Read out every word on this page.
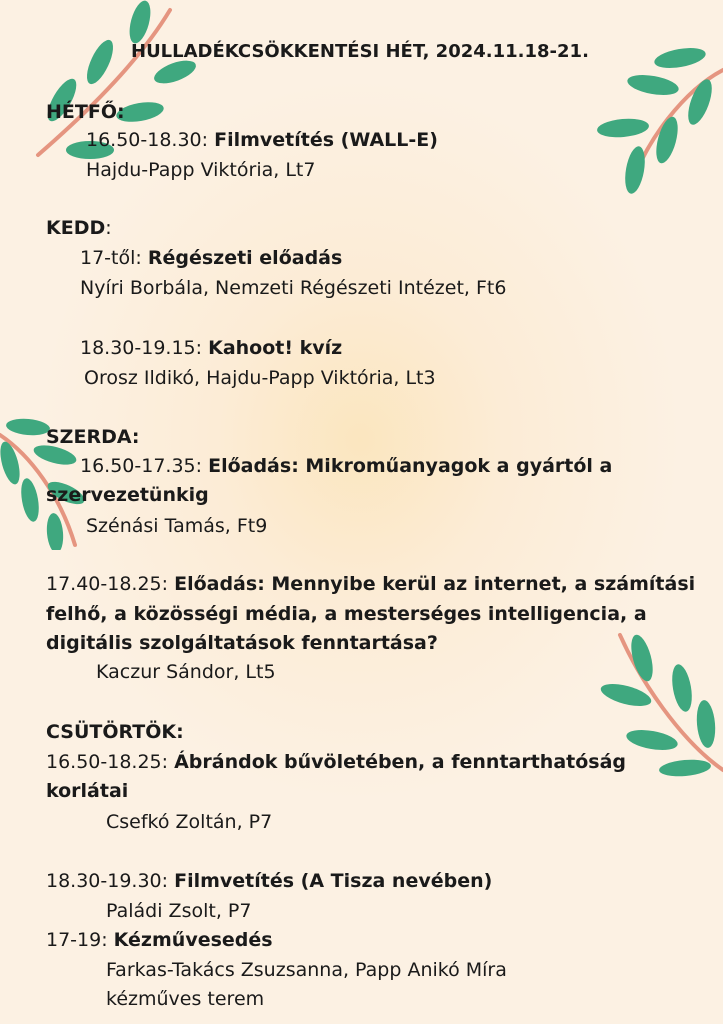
HULLADÉKCSÖKKENTÉSI HÉT, 2024.11.18-21.
HÉTFŐ:
16.50-18.30: Filmvetítés (WALL-E)
Hajdu-Papp Viktória, Lt7
KEDD:
17-től: Régészeti előadás
Nyíri Borbála, Nemzeti Régészeti Intézet, Ft6
18.30-19.15: Kahoot! kvíz
Orosz Ildikó, Hajdu-Papp Viktória, Lt3
SZERDA:
16.50-17.35: Előadás: Mikroműanyagok a gyártól a
szervezetünkig
Szénási Tamás, Ft9
17.40-18.25: Előadás: Mennyibe kerül az internet, a számítási
felhő, a közösségi média, a mesterséges intelligencia, a
digitális szolgáltatások fenntartása?
Kaczur Sándor, Lt5
CSÜTÖRTÖK:
16.50-18.25: Ábrándok bűvöletében, a fenntarthatóság
korlátai
Csefkó Zoltán, P7
18.30-19.30: Filmvetítés (A Tisza nevében)
Paládi Zsolt, P7
17-19: Kézművesedés
Farkas-Takács Zsuzsanna, Papp Anikó Míra
kézműves terem
